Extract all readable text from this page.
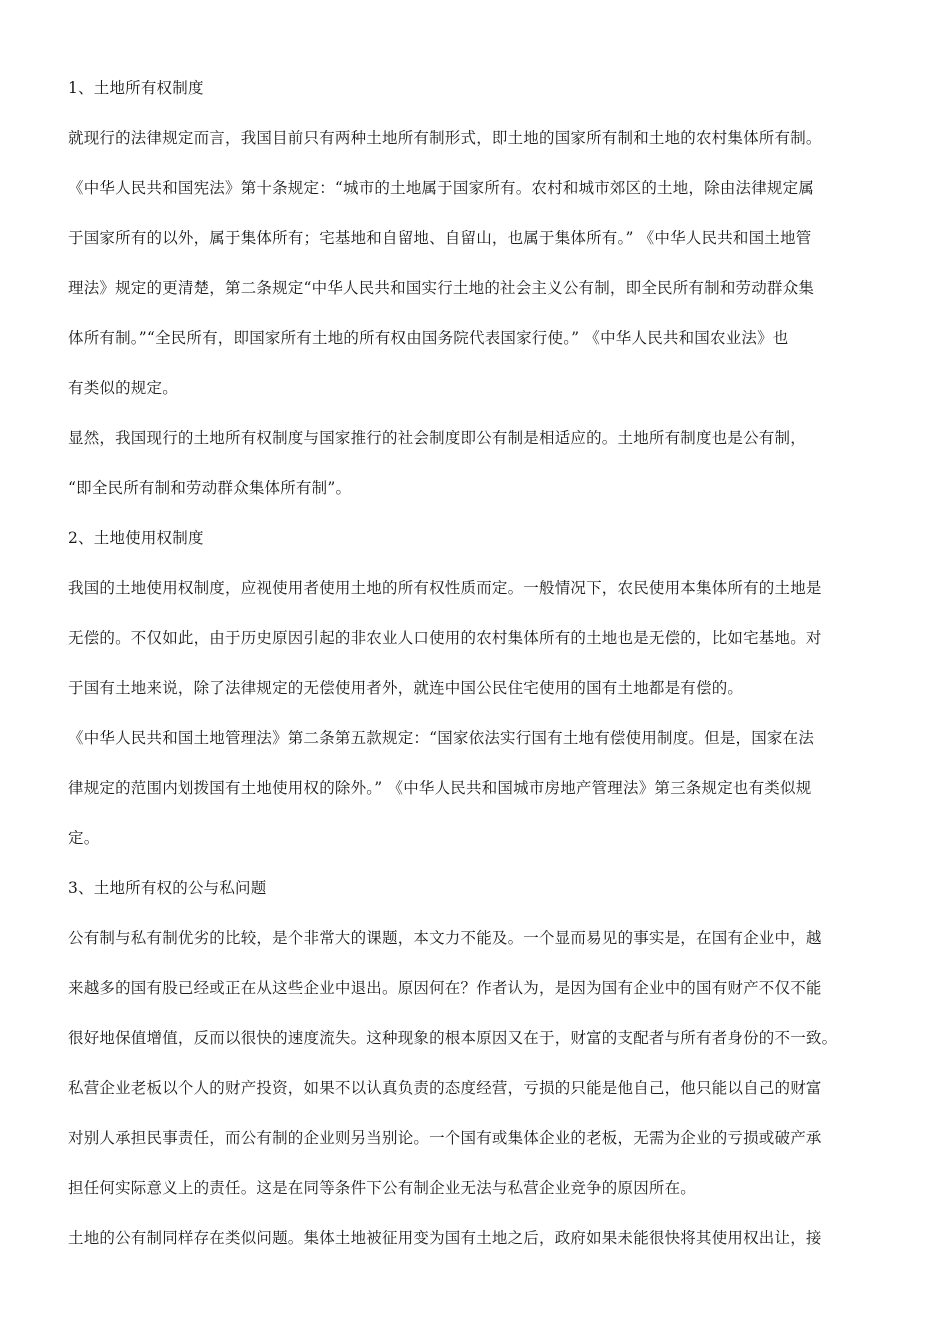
1、土地所有权制度
就现行的法律规定而言，我国目前只有两种土地所有制形式，即土地的国家所有制和土地的农村集体所有制。
《中华人民共和国宪法》第十条规定：“城市的土地属于国家所有。农村和城市郊区的土地，除由法律规定属
于国家所有的以外，属于集体所有；宅基地和自留地、自留山，也属于集体所有。” 《中华人民共和国土地管
理法》规定的更清楚，第二条规定“中华人民共和国实行土地的社会主义公有制，即全民所有制和劳动群众集
体所有制。”“全民所有，即国家所有土地的所有权由国务院代表国家行使。” 《中华人民共和国农业法》也
有类似的规定。
显然，我国现行的土地所有权制度与国家推行的社会制度即公有制是相适应的。土地所有制度也是公有制，
“即全民所有制和劳动群众集体所有制”。
2、土地使用权制度
我国的土地使用权制度，应视使用者使用土地的所有权性质而定。一般情况下，农民使用本集体所有的土地是
无偿的。不仅如此，由于历史原因引起的非农业人口使用的农村集体所有的土地也是无偿的，比如宅基地。对
于国有土地来说，除了法律规定的无偿使用者外，就连中国公民住宅使用的国有土地都是有偿的。
《中华人民共和国土地管理法》第二条第五款规定：“国家依法实行国有土地有偿使用制度。但是，国家在法
律规定的范围内划拨国有土地使用权的除外。” 《中华人民共和国城市房地产管理法》第三条规定也有类似规
定。
3、土地所有权的公与私问题
公有制与私有制优劣的比较，是个非常大的课题，本文力不能及。一个显而易见的事实是，在国有企业中，越
来越多的国有股已经或正在从这些企业中退出。原因何在？作者认为，是因为国有企业中的国有财产不仅不能
很好地保值增值，反而以很快的速度流失。这种现象的根本原因又在于，财富的支配者与所有者身份的不一致。
私营企业老板以个人的财产投资，如果不以认真负责的态度经营，亏损的只能是他自己，他只能以自己的财富
对别人承担民事责任，而公有制的企业则另当别论。一个国有或集体企业的老板，无需为企业的亏损或破产承
担任何实际意义上的责任。这是在同等条件下公有制企业无法与私营企业竞争的原因所在。
土地的公有制同样存在类似问题。集体土地被征用变为国有土地之后，政府如果未能很快将其使用权出让，接
